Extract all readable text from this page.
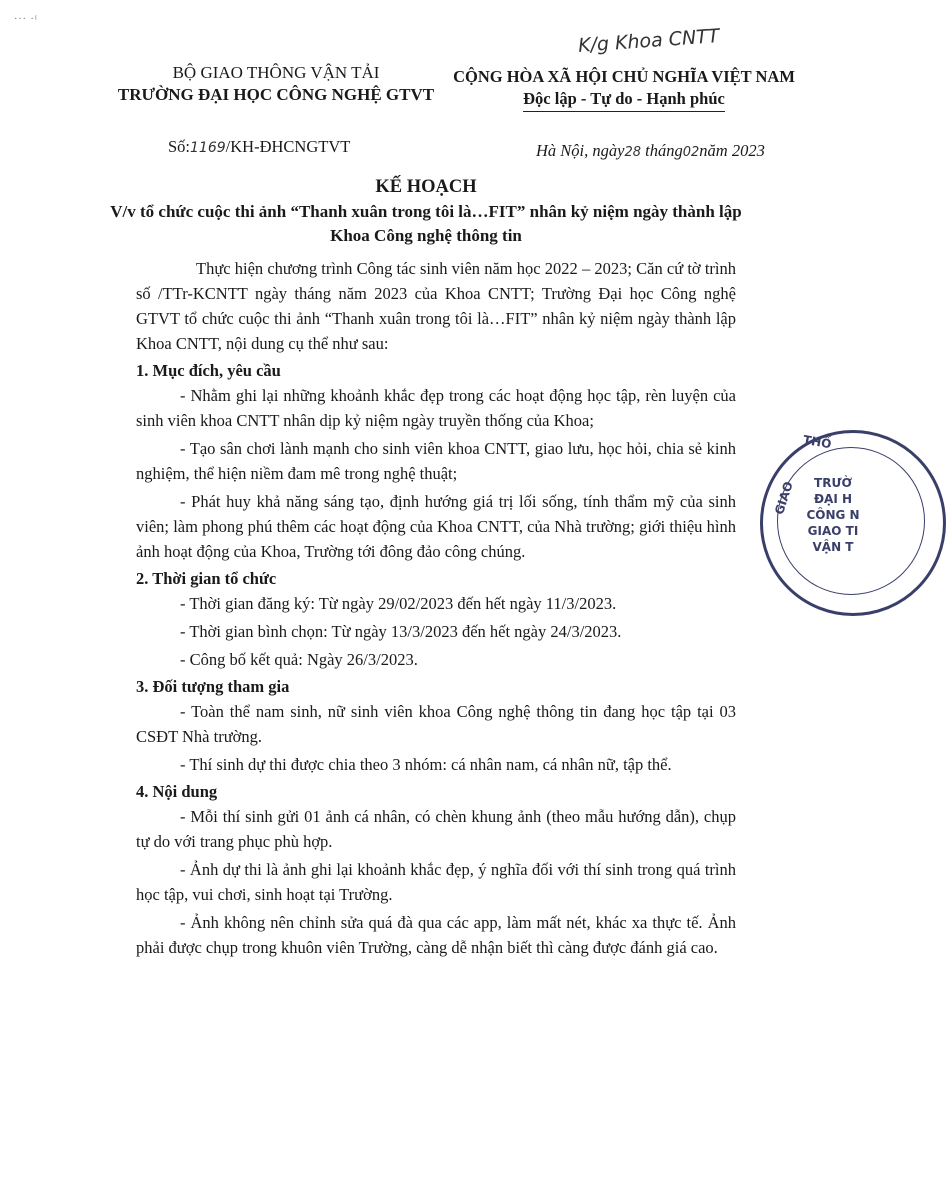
··· ·ᴵ
K/g Khoa CNTT
BỘ GIAO THÔNG VẬN TẢI
TRƯỜNG ĐẠI HỌC CÔNG NGHỆ GTVT
CỘNG HÒA XÃ HỘI CHỦ NGHĨA VIỆT NAM
Độc lập - Tự do - Hạnh phúc
Số:1169/KH-ĐHCNGTVT	Hà Nội, ngày28 tháng02năm 2023
KẾ HOẠCH
V/v tổ chức cuộc thi ảnh “Thanh xuân trong tôi là…FIT” nhân kỷ niệm ngày thành lập Khoa Công nghệ thông tin

Thực hiện chương trình Công tác sinh viên năm học 2022 – 2023; Căn cứ tờ trình số /TTr-KCNTT ngày tháng năm 2023 của Khoa CNTT; Trường Đại học Công nghệ GTVT tổ chức cuộc thi ảnh “Thanh xuân trong tôi là…FIT” nhân kỷ niệm ngày thành lập Khoa CNTT, nội dung cụ thể như sau:

1. Mục đích, yêu cầu

- Nhằm ghi lại những khoảnh khắc đẹp trong các hoạt động học tập, rèn luyện của sinh viên khoa CNTT nhân dịp kỷ niệm ngày truyền thống của Khoa;

- Tạo sân chơi lành mạnh cho sinh viên khoa CNTT, giao lưu, học hỏi, chia sẻ kinh nghiệm, thể hiện niềm đam mê trong nghệ thuật;

- Phát huy khả năng sáng tạo, định hướng giá trị lối sống, tính thẩm mỹ của sinh viên; làm phong phú thêm các hoạt động của Khoa CNTT, của Nhà trường; giới thiệu hình ảnh hoạt động của Khoa, Trường tới đông đảo công chúng.

2. Thời gian tổ chức

- Thời gian đăng ký: Từ ngày 29/02/2023 đến hết ngày 11/3/2023.

- Thời gian bình chọn: Từ ngày 13/3/2023 đến hết ngày 24/3/2023.

- Công bố kết quả: Ngày 26/3/2023.

3. Đối tượng tham gia

- Toàn thể nam sinh, nữ sinh viên khoa Công nghệ thông tin đang học tập tại 03 CSĐT Nhà trường.

- Thí sinh dự thi được chia theo 3 nhóm: cá nhân nam, cá nhân nữ, tập thể.

4. Nội dung

- Mỗi thí sinh gửi 01 ảnh cá nhân, có chèn khung ảnh (theo mẫu hướng dẫn), chụp tự do với trang phục phù hợp.

- Ảnh dự thi là ảnh ghi lại khoảnh khắc đẹp, ý nghĩa đối với thí sinh trong quá trình học tập, vui chơi, sinh hoạt tại Trường.

- Ảnh không nên chỉnh sửa quá đà qua các app, làm mất nét, khác xa thực tế. Ảnh phải được chụp trong khuôn viên Trường, càng dễ nhận biết thì càng được đánh giá cao.

THỐ
GIAO	TRƯỜ
ĐẠI H
CÔNG N
GIAO TI
VẬN T
